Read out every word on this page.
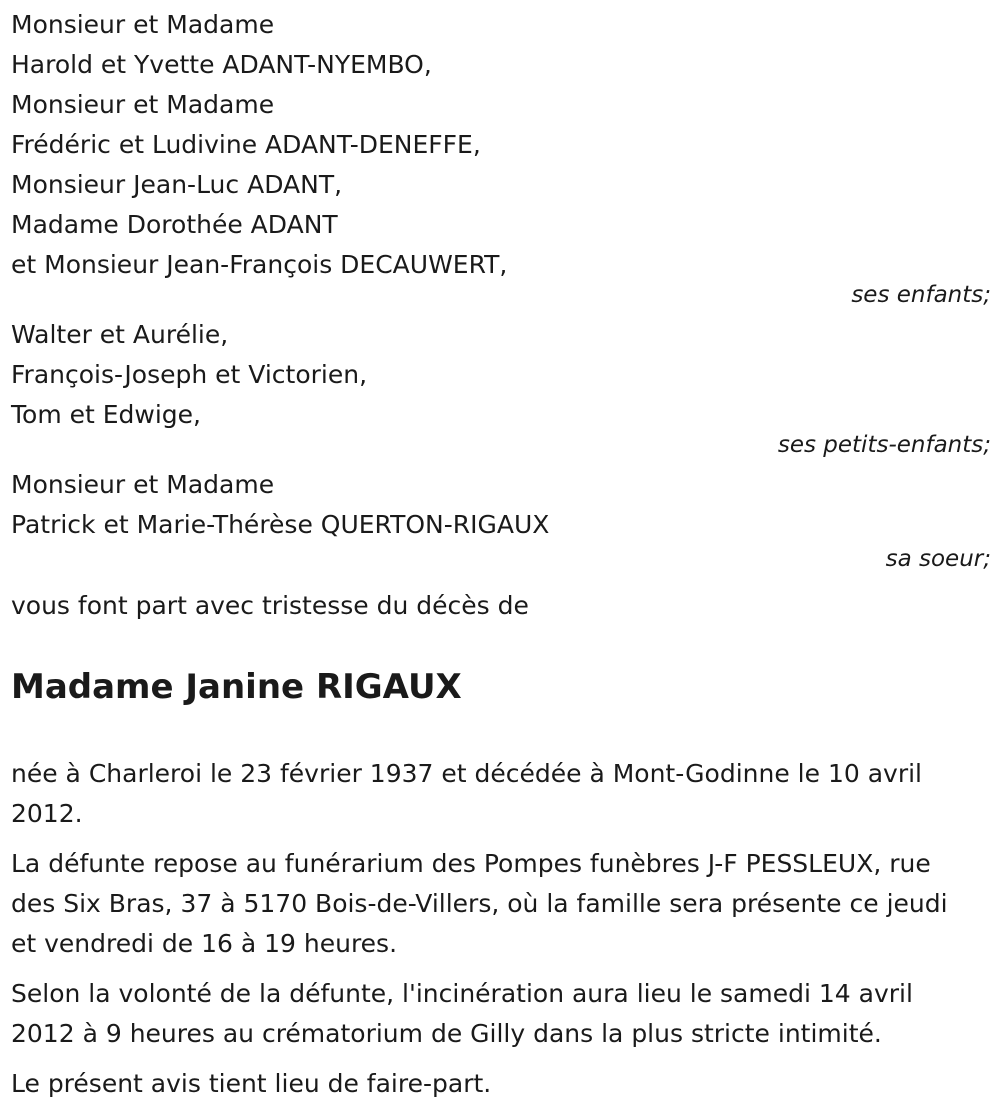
Monsieur et Madame
Harold et Yvette ADANT-NYEMBO,
Monsieur et Madame
Frédéric et Ludivine ADANT-DENEFFE,
Monsieur Jean-Luc ADANT,
Madame Dorothée ADANT
et Monsieur Jean-François DECAUWERT,
ses enfants;
Walter et Aurélie,
François-Joseph et Victorien,
Tom et Edwige,
ses petits-enfants;
Monsieur et Madame
Patrick et Marie-Thérèse QUERTON-RIGAUX
sa soeur;
vous font part avec tristesse du décès de
Madame Janine RIGAUX

née à Charleroi le 23 février 1937 et décédée à Mont-Godinne le 10 avril 2012.

La défunte repose au funérarium des Pompes funèbres J-F PESSLEUX, rue des Six Bras, 37 à 5170 Bois-de-Villers, où la famille sera présente ce jeudi et vendredi de 16 à 19 heures.

Selon la volonté de la défunte, l'incinération aura lieu le samedi 14 avril 2012 à 9 heures au crématorium de Gilly dans la plus stricte intimité.

Le présent avis tient lieu de faire-part.
